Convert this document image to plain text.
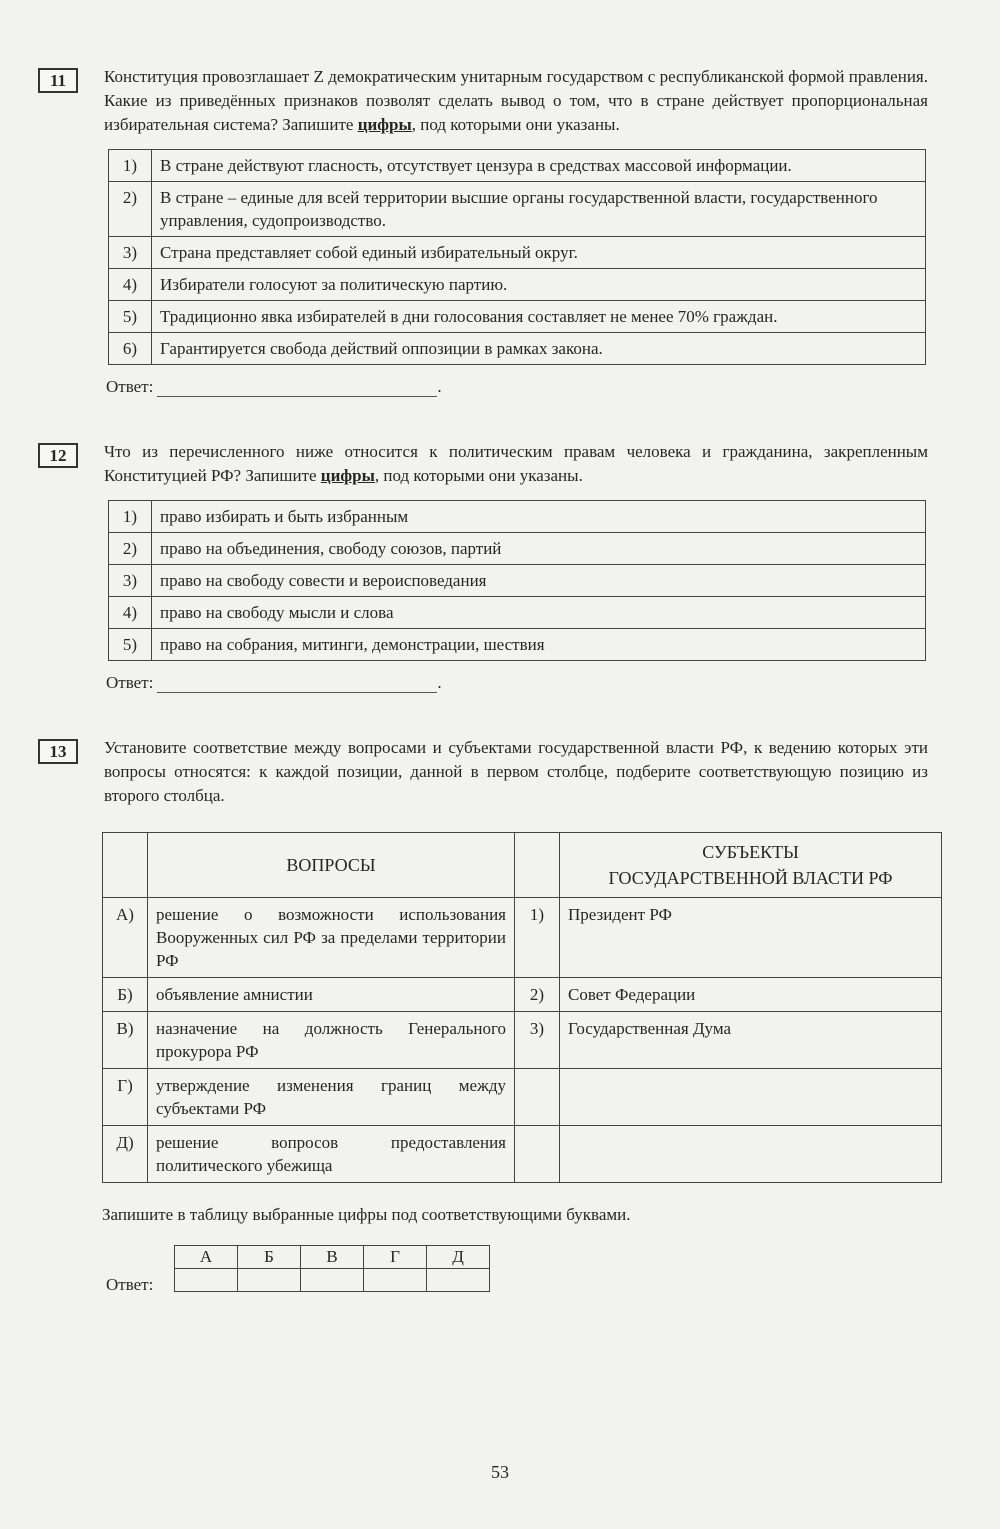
11	Конституция провозглашает Z демократическим унитарным государством с республиканской формой правления. Какие из приведённых признаков позволят сделать вывод о том, что в стране действует пропорциональная избирательная система? Запишите цифры, под которыми они указаны.
1)	В стране действуют гласность, отсутствует цензура в средствах массовой информации.
2)	В стране – единые для всей территории высшие органы государственной власти, государственного управления, судопроизводство.
3)	Страна представляет собой единый избирательный округ.
4)	Избиратели голосуют за политическую партию.
5)	Традиционно явка избирателей в дни голосования составляет не менее 70% граждан.
6)	Гарантируется свобода действий оппозиции в рамках закона.
Ответ:	.
12	Что из перечисленного ниже относится к политическим правам человека и гражданина, закрепленным Конституцией РФ? Запишите цифры, под которыми они указаны.
1)	право избирать и быть избранным
2)	право на объединения, свободу союзов, партий
3)	право на свободу совести и вероисповедания
4)	право на свободу мысли и слова
5)	право на собрания, митинги, демонстрации, шествия
Ответ:	.
13	Установите соответствие между вопросами и субъектами государственной власти РФ, к ведению которых эти вопросы относятся: к каждой позиции, данной в первом столбце, подберите соответствующую позицию из второго столбца.
	ВОПРОСЫ		СУБЪЕКТЫ
ГОСУДАРСТВЕННОЙ ВЛАСТИ РФ
А)	решение о возможности использования Вооруженных сил РФ за пределами территории РФ	1)	Президент РФ
Б)	объявление амнистии	2)	Совет Федерации
В)	назначение на должность Генерального прокурора РФ	3)	Государственная Дума
Г)	утверждение изменения границ между субъектами РФ		
Д)	решение вопросов предоставления политического убежища		
Запишите в таблицу выбранные цифры под соответствующими буквами.
Ответ:
А	Б	В	Г	Д

53
